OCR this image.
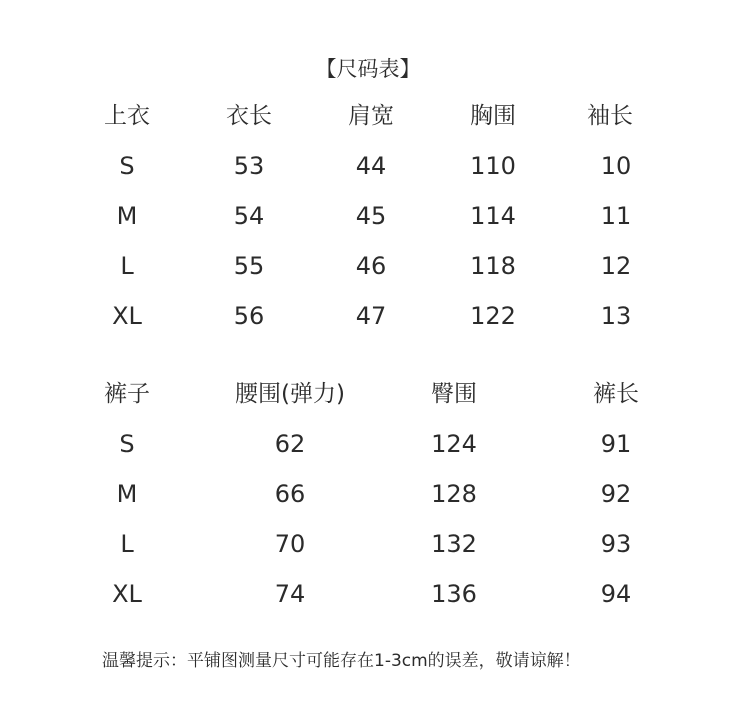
【尺码表】
上衣	衣长	肩宽	胸围	袖长
S	53	44	110	10
M	54	45	114	11
L	55	46	118	12
XL	56	47	122	13
裤子	腰围(弹力)	臀围	裤长
S	62	124	91
M	66	128	92
L	70	132	93
XL	74	136	94
温馨提示：平铺图测量尺寸可能存在1-3cm的误差，敬请谅解！
